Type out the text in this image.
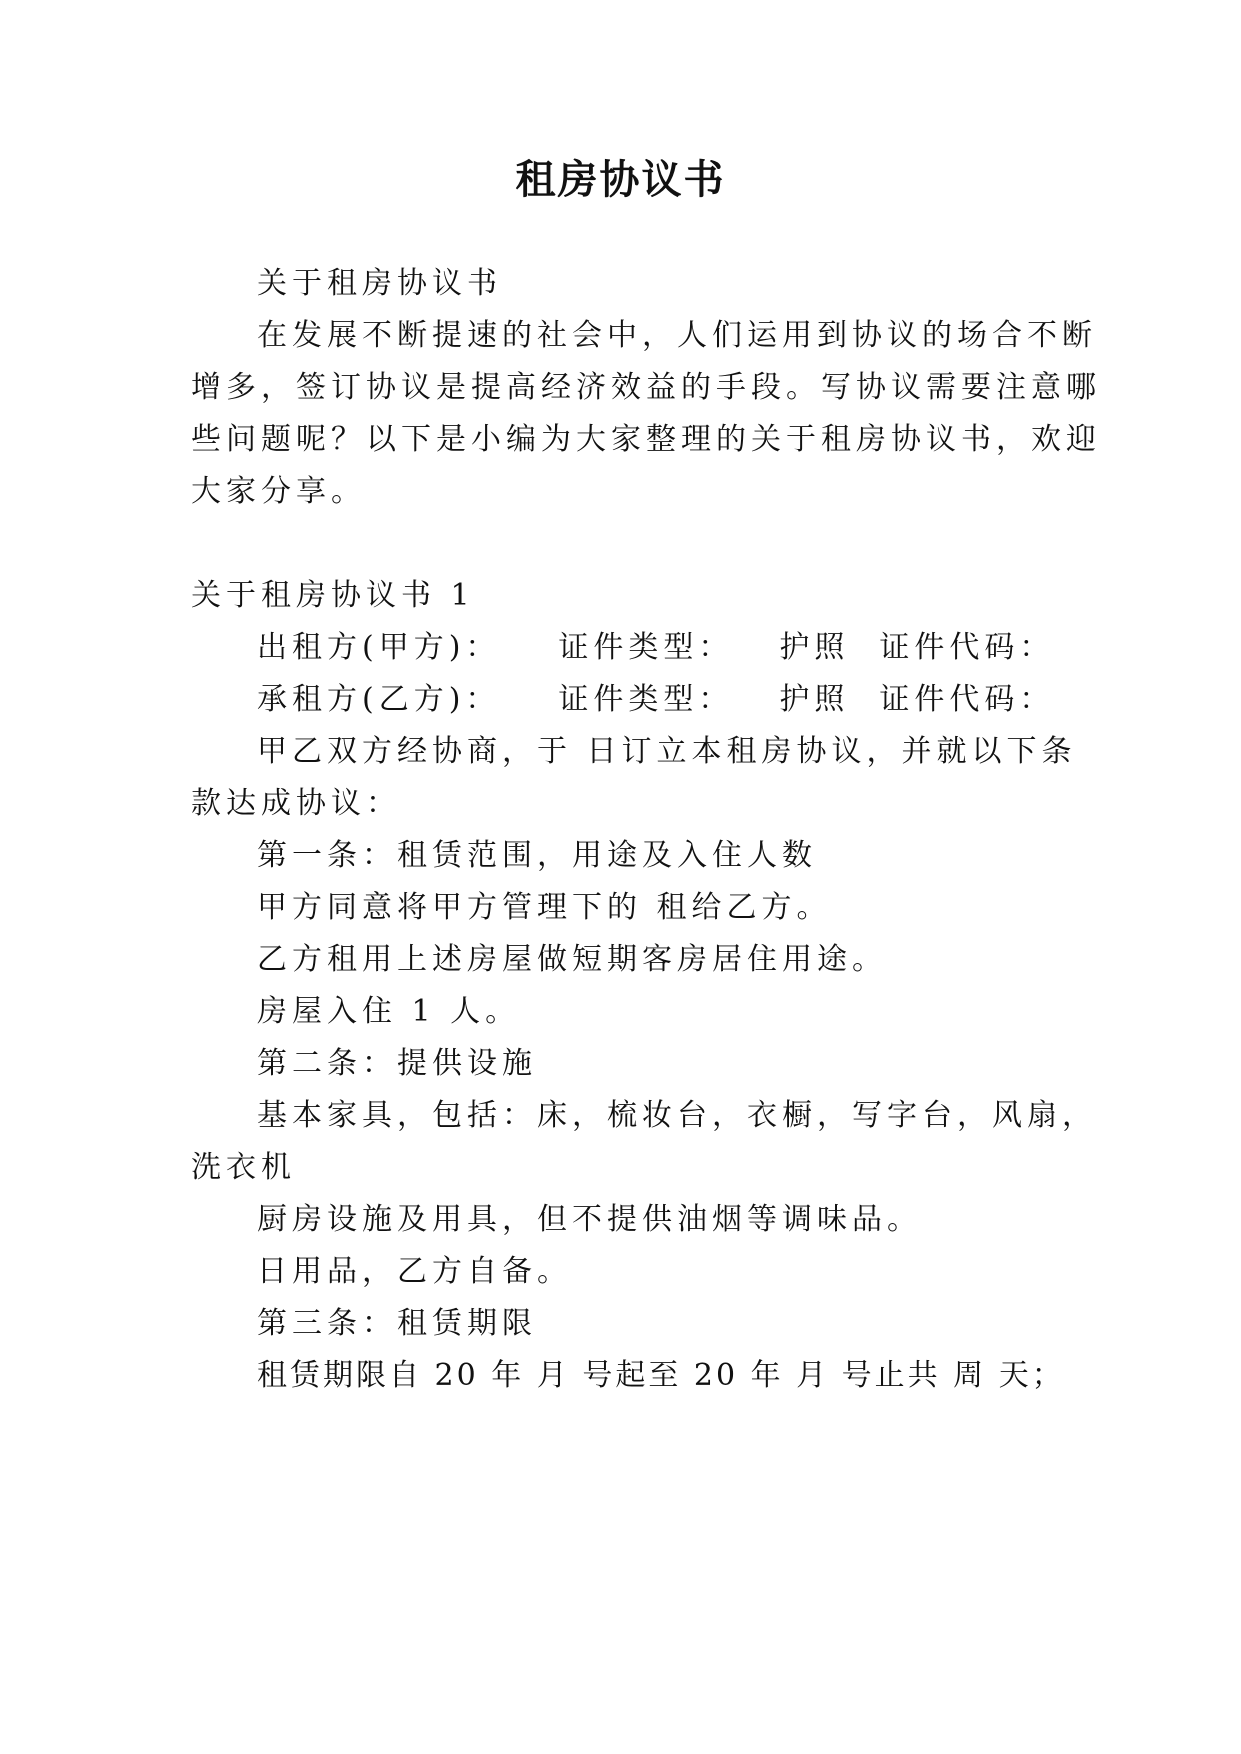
租房协议书
关于租房协议书
在发展不断提速的社会中，人们运用到协议的场合不断
增多，签订协议是提高经济效益的手段。写协议需要注意哪
些问题呢？以下是小编为大家整理的关于租房协议书，欢迎
大家分享。
关于租房协议书 1
出租方(甲方)： 证件类型： 护照 证件代码：
承租方(乙方)： 证件类型： 护照 证件代码：
甲乙双方经协商，于 日订立本租房协议，并就以下条
款达成协议：
第一条：租赁范围，用途及入住人数
甲方同意将甲方管理下的 租给乙方。
乙方租用上述房屋做短期客房居住用途。
房屋入住 1 人。
第二条：提供设施
基本家具，包括：床，梳妆台，衣橱，写字台，风扇，
洗衣机
厨房设施及用具，但不提供油烟等调味品。
日用品，乙方自备。
第三条：租赁期限
租赁期限自 20 年 月 号起至 20 年 月 号止共 周 天；
